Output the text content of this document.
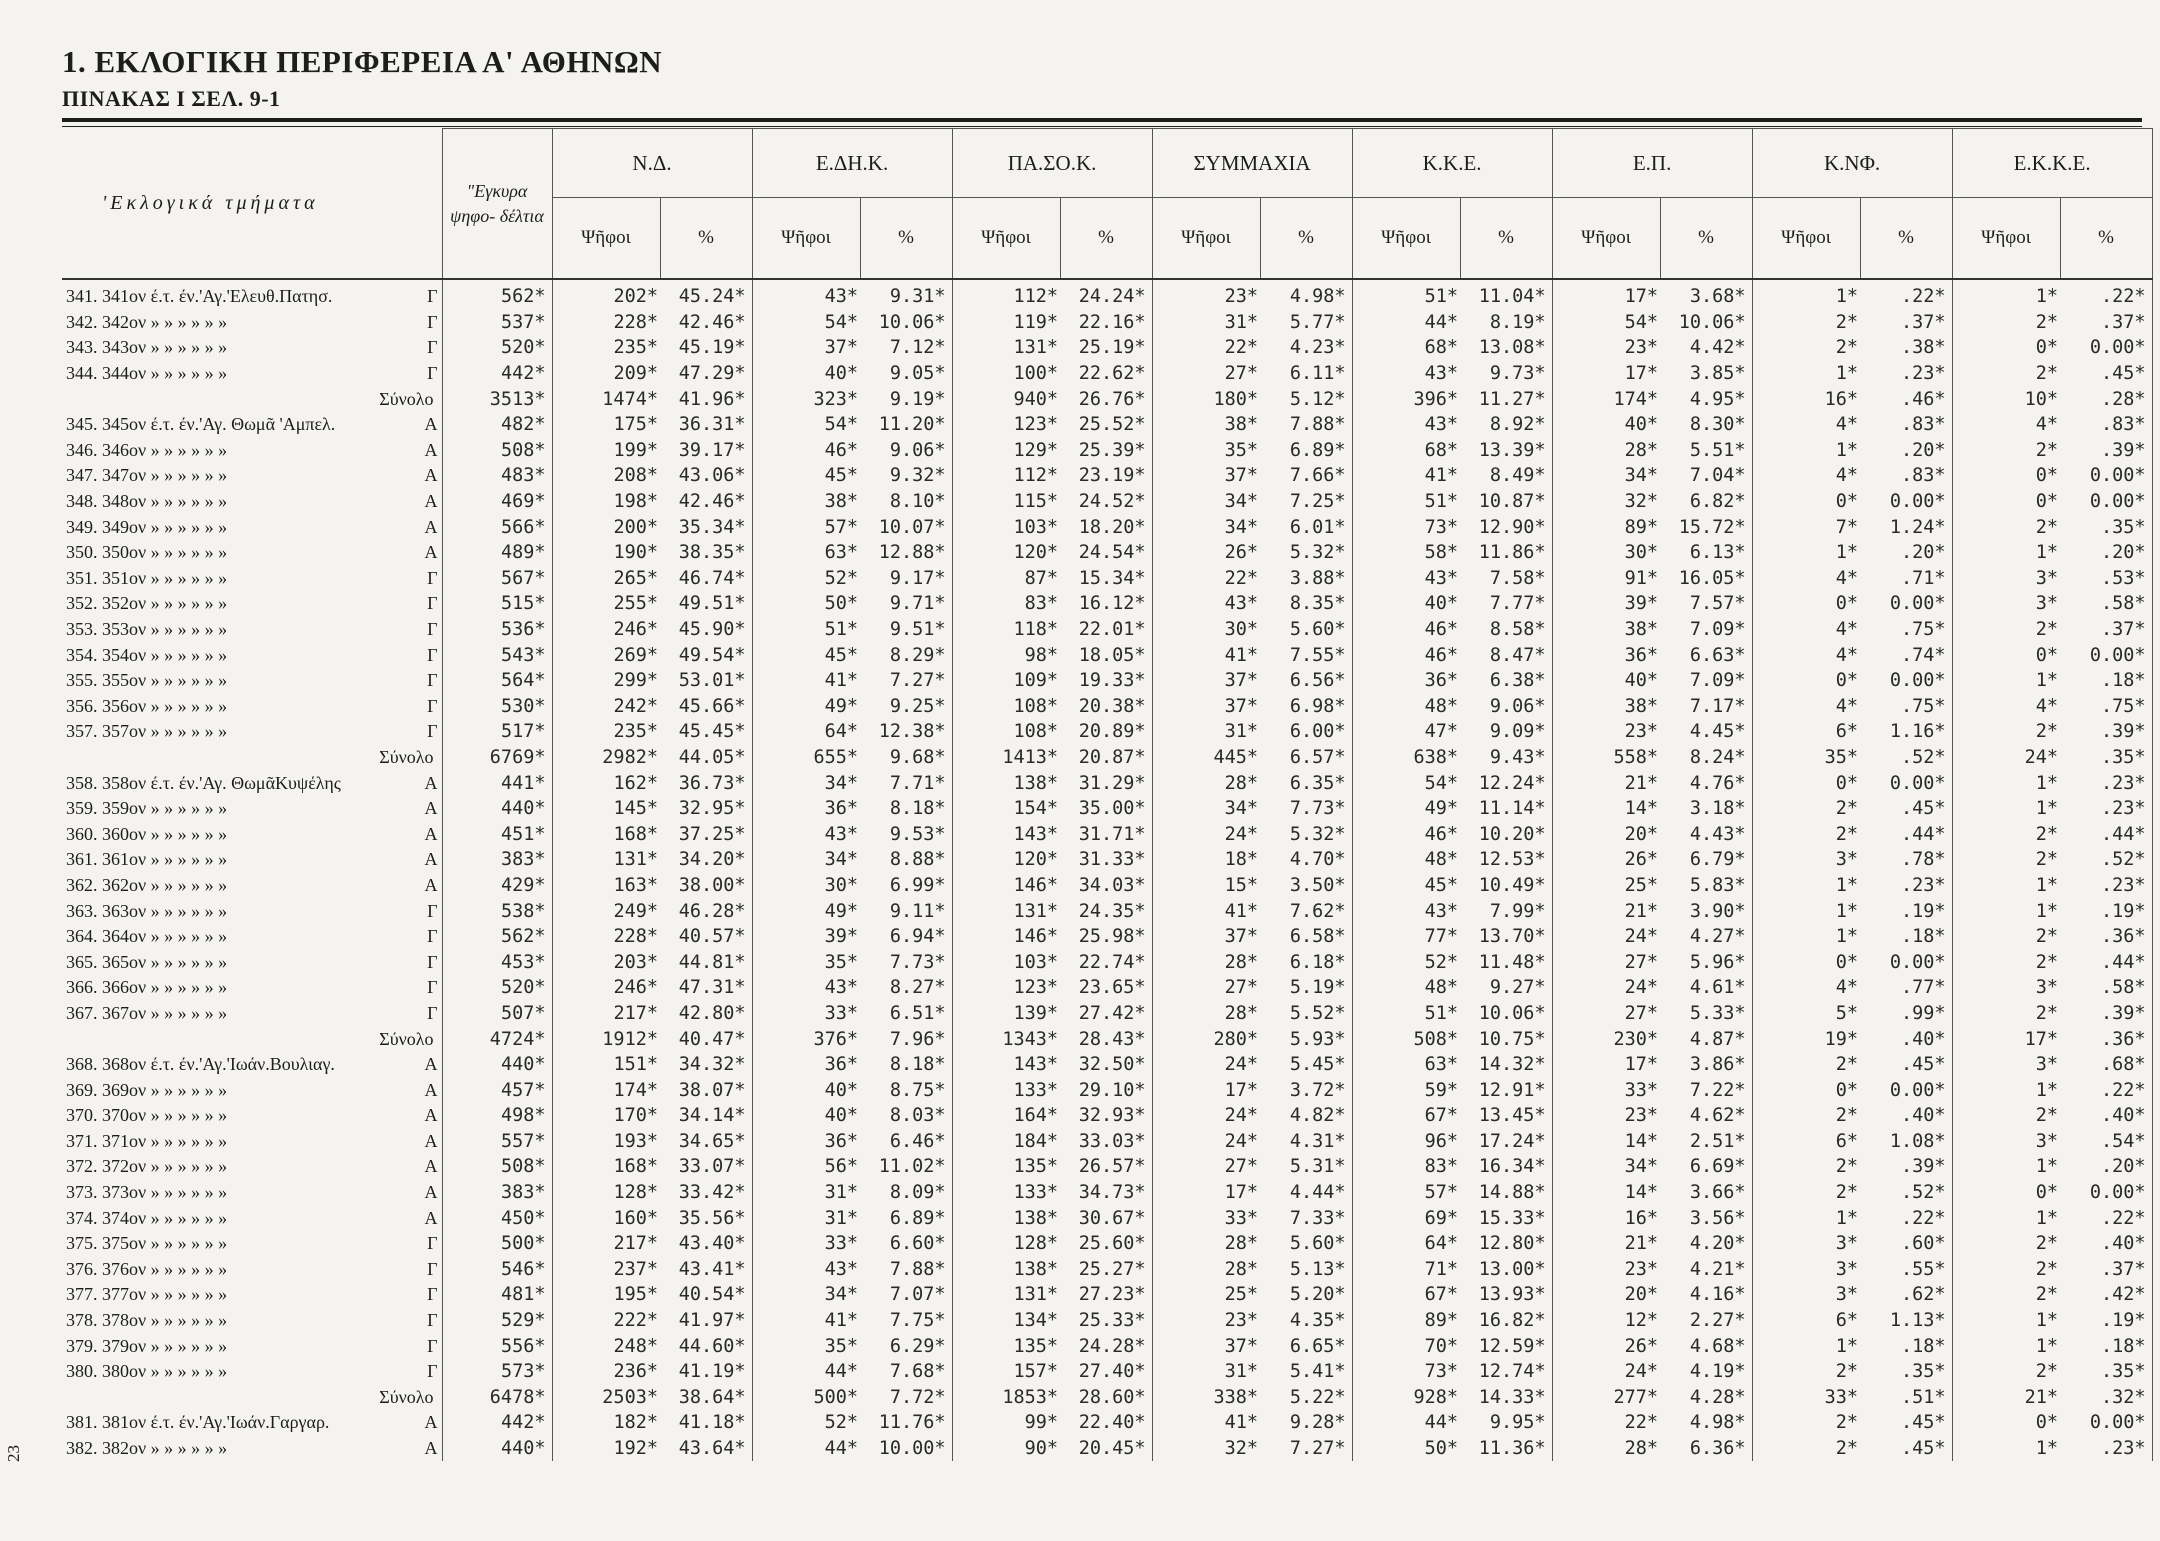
1. ΕΚΛΟΓΙΚΗ ΠΕΡΙΦΕΡΕΙΑ Α' ΑΘΗΝΩΝ
ΠΙΝΑΚΑΣ Ι ΣΕΛ. 9-1
23
'Εκλογικά τμήματα	"Εγκυρα ψηφο- δέλτια	Ν.Δ.		Ε.ΔΗ.Κ.		ΠΑ.ΣΟ.Κ.		ΣΥΜΜΑΧΙΑ		Κ.Κ.Ε.		Ε.Π.		Κ.ΝΦ.		Ε.Κ.Κ.Ε.	
		Ψῆφοι	%	Ψῆφοι	%	Ψῆφοι	%	Ψῆφοι	%	Ψῆφοι	%	Ψῆφοι	%	Ψῆφοι	%	Ψῆφοι	%
341. 341ον έ.τ. έν.'Αγ.'Ελευθ.Πατησ. Γ	562*	202*	45.24*	43*	9.31*	112*	24.24*	23*	4.98*	51*	11.04*	17*	3.68*	1*	.22*	1*	.22*
342. 342ον » » » » » » Γ	537*	228*	42.46*	54*	10.06*	119*	22.16*	31*	5.77*	44*	8.19*	54*	10.06*	2*	.37*	2*	.37*
343. 343ον » » » » » » Γ	520*	235*	45.19*	37*	7.12*	131*	25.19*	22*	4.23*	68*	13.08*	23*	4.42*	2*	.38*	0*	0.00*
344. 344ον » » » » » » Γ	442*	209*	47.29*	40*	9.05*	100*	22.62*	27*	6.11*	43*	9.73*	17*	3.85*	1*	.23*	2*	.45*
Σύνολο	3513*	1474*	41.96*	323*	9.19*	940*	26.76*	180*	5.12*	396*	11.27*	174*	4.95*	16*	.46*	10*	.28*
345. 345ον έ.τ. έν.'Αγ. Θωμᾶ 'Αμπελ. Α	482*	175*	36.31*	54*	11.20*	123*	25.52*	38*	7.88*	43*	8.92*	40*	8.30*	4*	.83*	4*	.83*
346. 346ον » » » » » » Α	508*	199*	39.17*	46*	9.06*	129*	25.39*	35*	6.89*	68*	13.39*	28*	5.51*	1*	.20*	2*	.39*
347. 347ον » » » » » » Α	483*	208*	43.06*	45*	9.32*	112*	23.19*	37*	7.66*	41*	8.49*	34*	7.04*	4*	.83*	0*	0.00*
348. 348ον » » » » » » Α	469*	198*	42.46*	38*	8.10*	115*	24.52*	34*	7.25*	51*	10.87*	32*	6.82*	0*	0.00*	0*	0.00*
349. 349ον » » » » » » Α	566*	200*	35.34*	57*	10.07*	103*	18.20*	34*	6.01*	73*	12.90*	89*	15.72*	7*	1.24*	2*	.35*
350. 350ον » » » » » » Α	489*	190*	38.35*	63*	12.88*	120*	24.54*	26*	5.32*	58*	11.86*	30*	6.13*	1*	.20*	1*	.20*
351. 351ον » » » » » » Γ	567*	265*	46.74*	52*	9.17*	87*	15.34*	22*	3.88*	43*	7.58*	91*	16.05*	4*	.71*	3*	.53*
352. 352ον » » » » » » Γ	515*	255*	49.51*	50*	9.71*	83*	16.12*	43*	8.35*	40*	7.77*	39*	7.57*	0*	0.00*	3*	.58*
353. 353ον » » » » » » Γ	536*	246*	45.90*	51*	9.51*	118*	22.01*	30*	5.60*	46*	8.58*	38*	7.09*	4*	.75*	2*	.37*
354. 354ον » » » » » » Γ	543*	269*	49.54*	45*	8.29*	98*	18.05*	41*	7.55*	46*	8.47*	36*	6.63*	4*	.74*	0*	0.00*
355. 355ον » » » » » » Γ	564*	299*	53.01*	41*	7.27*	109*	19.33*	37*	6.56*	36*	6.38*	40*	7.09*	0*	0.00*	1*	.18*
356. 356ον » » » » » » Γ	530*	242*	45.66*	49*	9.25*	108*	20.38*	37*	6.98*	48*	9.06*	38*	7.17*	4*	.75*	4*	.75*
357. 357ον » » » » » » Γ	517*	235*	45.45*	64*	12.38*	108*	20.89*	31*	6.00*	47*	9.09*	23*	4.45*	6*	1.16*	2*	.39*
Σύνολο	6769*	2982*	44.05*	655*	9.68*	1413*	20.87*	445*	6.57*	638*	9.43*	558*	8.24*	35*	.52*	24*	.35*
358. 358ον έ.τ. έν.'Αγ. ΘωμᾶΚυψέλης Α	441*	162*	36.73*	34*	7.71*	138*	31.29*	28*	6.35*	54*	12.24*	21*	4.76*	0*	0.00*	1*	.23*
359. 359ον » » » » » » Α	440*	145*	32.95*	36*	8.18*	154*	35.00*	34*	7.73*	49*	11.14*	14*	3.18*	2*	.45*	1*	.23*
360. 360ον » » » » » » Α	451*	168*	37.25*	43*	9.53*	143*	31.71*	24*	5.32*	46*	10.20*	20*	4.43*	2*	.44*	2*	.44*
361. 361ον » » » » » » Α	383*	131*	34.20*	34*	8.88*	120*	31.33*	18*	4.70*	48*	12.53*	26*	6.79*	3*	.78*	2*	.52*
362. 362ον » » » » » » Α	429*	163*	38.00*	30*	6.99*	146*	34.03*	15*	3.50*	45*	10.49*	25*	5.83*	1*	.23*	1*	.23*
363. 363ον » » » » » » Γ	538*	249*	46.28*	49*	9.11*	131*	24.35*	41*	7.62*	43*	7.99*	21*	3.90*	1*	.19*	1*	.19*
364. 364ον » » » » » » Γ	562*	228*	40.57*	39*	6.94*	146*	25.98*	37*	6.58*	77*	13.70*	24*	4.27*	1*	.18*	2*	.36*
365. 365ον » » » » » » Γ	453*	203*	44.81*	35*	7.73*	103*	22.74*	28*	6.18*	52*	11.48*	27*	5.96*	0*	0.00*	2*	.44*
366. 366ον » » » » » » Γ	520*	246*	47.31*	43*	8.27*	123*	23.65*	27*	5.19*	48*	9.27*	24*	4.61*	4*	.77*	3*	.58*
367. 367ον » » » » » » Γ	507*	217*	42.80*	33*	6.51*	139*	27.42*	28*	5.52*	51*	10.06*	27*	5.33*	5*	.99*	2*	.39*
Σύνολο	4724*	1912*	40.47*	376*	7.96*	1343*	28.43*	280*	5.93*	508*	10.75*	230*	4.87*	19*	.40*	17*	.36*
368. 368ον έ.τ. έν.'Αγ.'Ιωάν.Βουλιαγ. Α	440*	151*	34.32*	36*	8.18*	143*	32.50*	24*	5.45*	63*	14.32*	17*	3.86*	2*	.45*	3*	.68*
369. 369ον » » » » » » Α	457*	174*	38.07*	40*	8.75*	133*	29.10*	17*	3.72*	59*	12.91*	33*	7.22*	0*	0.00*	1*	.22*
370. 370ον » » » » » » Α	498*	170*	34.14*	40*	8.03*	164*	32.93*	24*	4.82*	67*	13.45*	23*	4.62*	2*	.40*	2*	.40*
371. 371ον » » » » » » Α	557*	193*	34.65*	36*	6.46*	184*	33.03*	24*	4.31*	96*	17.24*	14*	2.51*	6*	1.08*	3*	.54*
372. 372ον » » » » » » Α	508*	168*	33.07*	56*	11.02*	135*	26.57*	27*	5.31*	83*	16.34*	34*	6.69*	2*	.39*	1*	.20*
373. 373ον » » » » » » Α	383*	128*	33.42*	31*	8.09*	133*	34.73*	17*	4.44*	57*	14.88*	14*	3.66*	2*	.52*	0*	0.00*
374. 374ον » » » » » » Α	450*	160*	35.56*	31*	6.89*	138*	30.67*	33*	7.33*	69*	15.33*	16*	3.56*	1*	.22*	1*	.22*
375. 375ον » » » » » » Γ	500*	217*	43.40*	33*	6.60*	128*	25.60*	28*	5.60*	64*	12.80*	21*	4.20*	3*	.60*	2*	.40*
376. 376ον » » » » » » Γ	546*	237*	43.41*	43*	7.88*	138*	25.27*	28*	5.13*	71*	13.00*	23*	4.21*	3*	.55*	2*	.37*
377. 377ον » » » » » » Γ	481*	195*	40.54*	34*	7.07*	131*	27.23*	25*	5.20*	67*	13.93*	20*	4.16*	3*	.62*	2*	.42*
378. 378ον » » » » » » Γ	529*	222*	41.97*	41*	7.75*	134*	25.33*	23*	4.35*	89*	16.82*	12*	2.27*	6*	1.13*	1*	.19*
379. 379ον » » » » » » Γ	556*	248*	44.60*	35*	6.29*	135*	24.28*	37*	6.65*	70*	12.59*	26*	4.68*	1*	.18*	1*	.18*
380. 380ον » » » » » » Γ	573*	236*	41.19*	44*	7.68*	157*	27.40*	31*	5.41*	73*	12.74*	24*	4.19*	2*	.35*	2*	.35*
Σύνολο	6478*	2503*	38.64*	500*	7.72*	1853*	28.60*	338*	5.22*	928*	14.33*	277*	4.28*	33*	.51*	21*	.32*
381. 381ον έ.τ. έν.'Αγ.'Ιωάν.Γαργαρ. Α	442*	182*	41.18*	52*	11.76*	99*	22.40*	41*	9.28*	44*	9.95*	22*	4.98*	2*	.45*	0*	0.00*
382. 382ον » » » » » » Α	440*	192*	43.64*	44*	10.00*	90*	20.45*	32*	7.27*	50*	11.36*	28*	6.36*	2*	.45*	1*	.23*
